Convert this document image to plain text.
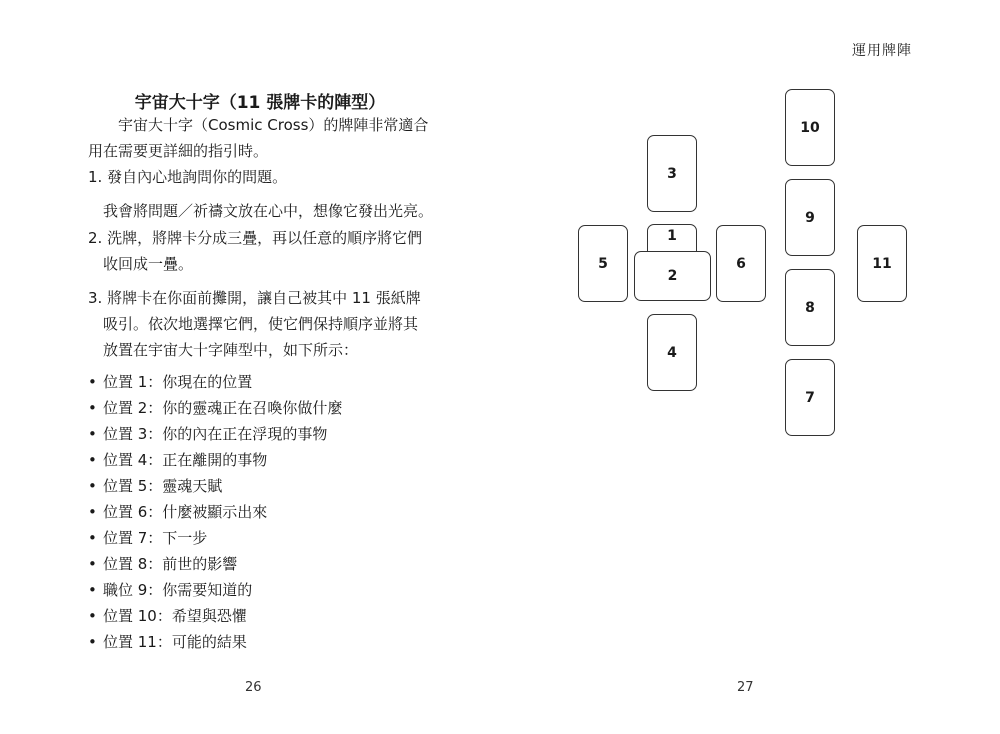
宇宙大十字（11 張牌卡的陣型）
宇宙大十字（Cosmic Cross）的牌陣非常適合
用在需要更詳細的指引時。
1. 發自內心地詢問你的問題。
我會將問題／祈禱文放在心中，想像它發出光亮。
2. 洗牌，將牌卡分成三疊，再以任意的順序將它們
收回成一疊。
3. 將牌卡在你面前攤開，讓自己被其中 11 張紙牌
吸引。依次地選擇它們，使它們保持順序並將其
放置在宇宙大十字陣型中，如下所示：
• 位置 1：你現在的位置
• 位置 2：你的靈魂正在召喚你做什麼
• 位置 3：你的內在正在浮現的事物
• 位置 4：正在離開的事物
• 位置 5：靈魂天賦
• 位置 6：什麼被顯示出來
• 位置 7：下一步
• 位置 8：前世的影響
• 職位 9：你需要知道的
• 位置 10：希望與恐懼
• 位置 11：可能的結果
26
運用牌陣
3
1
2
5	6
4
10
9
8
7
11
27
